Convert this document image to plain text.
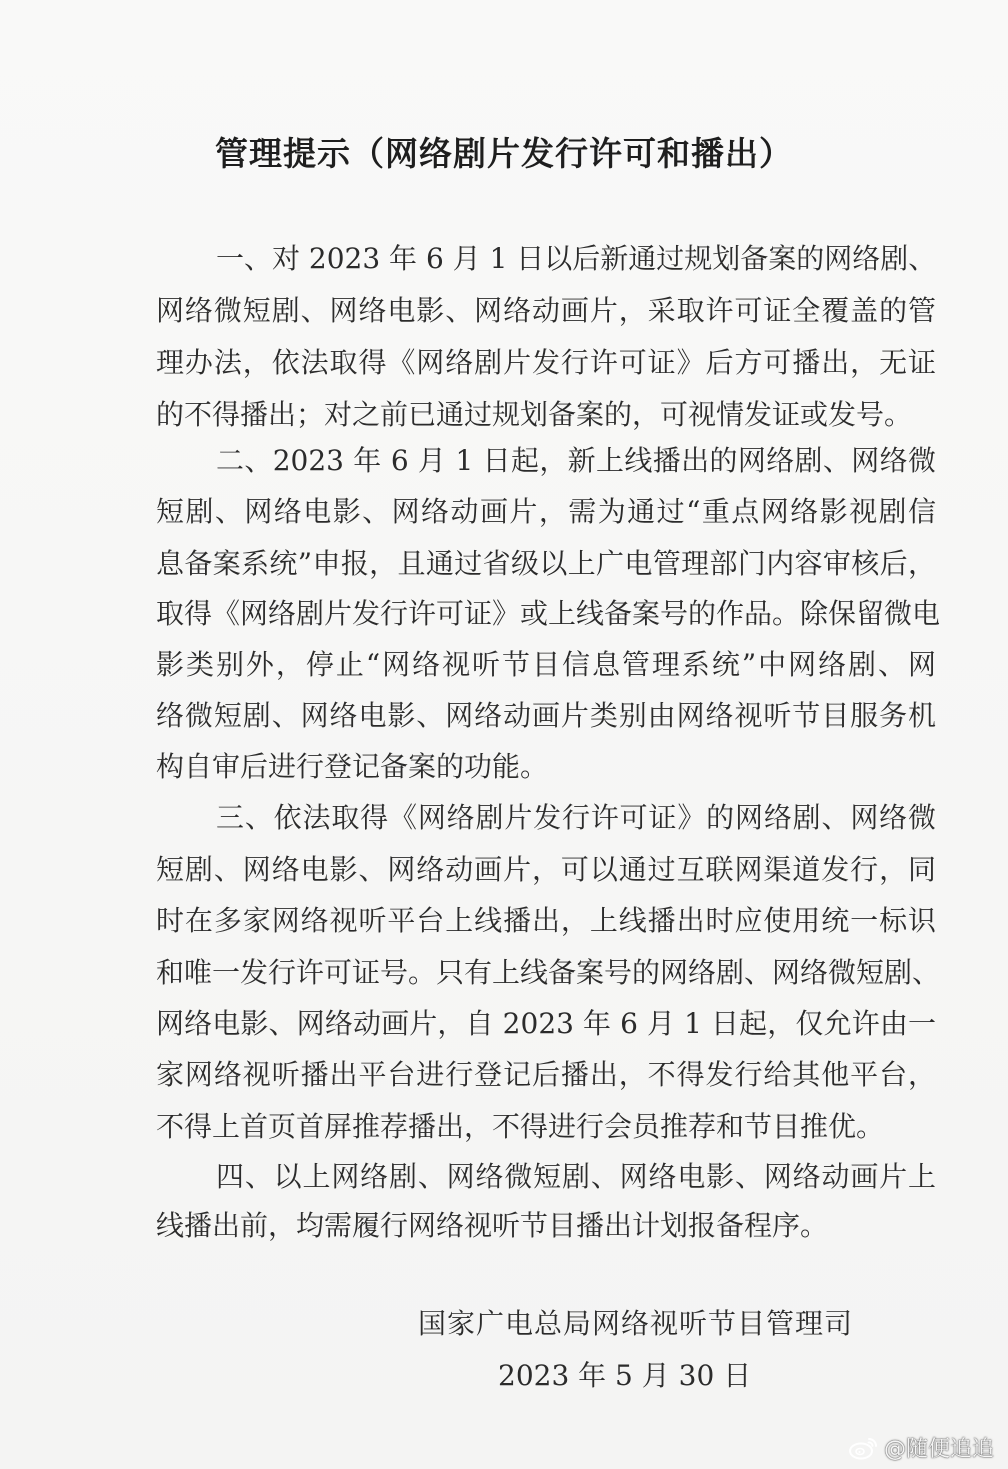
管理提示（网络剧片发行许可和播出）
一、对 2023 年 6 月 1 日以后新通过规划备案的网络剧、
网络微短剧、网络电影、网络动画片，采取许可证全覆盖的管
理办法，依法取得《网络剧片发行许可证》后方可播出，无证
的不得播出；对之前已通过规划备案的，可视情发证或发号。
二、2023 年 6 月 1 日起，新上线播出的网络剧、网络微
短剧、网络电影、网络动画片，需为通过“重点网络影视剧信
息备案系统”申报，且通过省级以上广电管理部门内容审核后，
取得《网络剧片发行许可证》或上线备案号的作品。除保留微电
影类别外，停止“网络视听节目信息管理系统”中网络剧、网
络微短剧、网络电影、网络动画片类别由网络视听节目服务机
构自审后进行登记备案的功能。
三、依法取得《网络剧片发行许可证》的网络剧、网络微
短剧、网络电影、网络动画片，可以通过互联网渠道发行，同
时在多家网络视听平台上线播出，上线播出时应使用统一标识
和唯一发行许可证号。只有上线备案号的网络剧、网络微短剧、
网络电影、网络动画片，自 2023 年 6 月 1 日起，仅允许由一
家网络视听播出平台进行登记后播出，不得发行给其他平台，
不得上首页首屏推荐播出，不得进行会员推荐和节目推优。
四、以上网络剧、网络微短剧、网络电影、网络动画片上
线播出前，均需履行网络视听节目播出计划报备程序。
国家广电总局网络视听节目管理司
2023 年 5 月 30 日
@随便追追
